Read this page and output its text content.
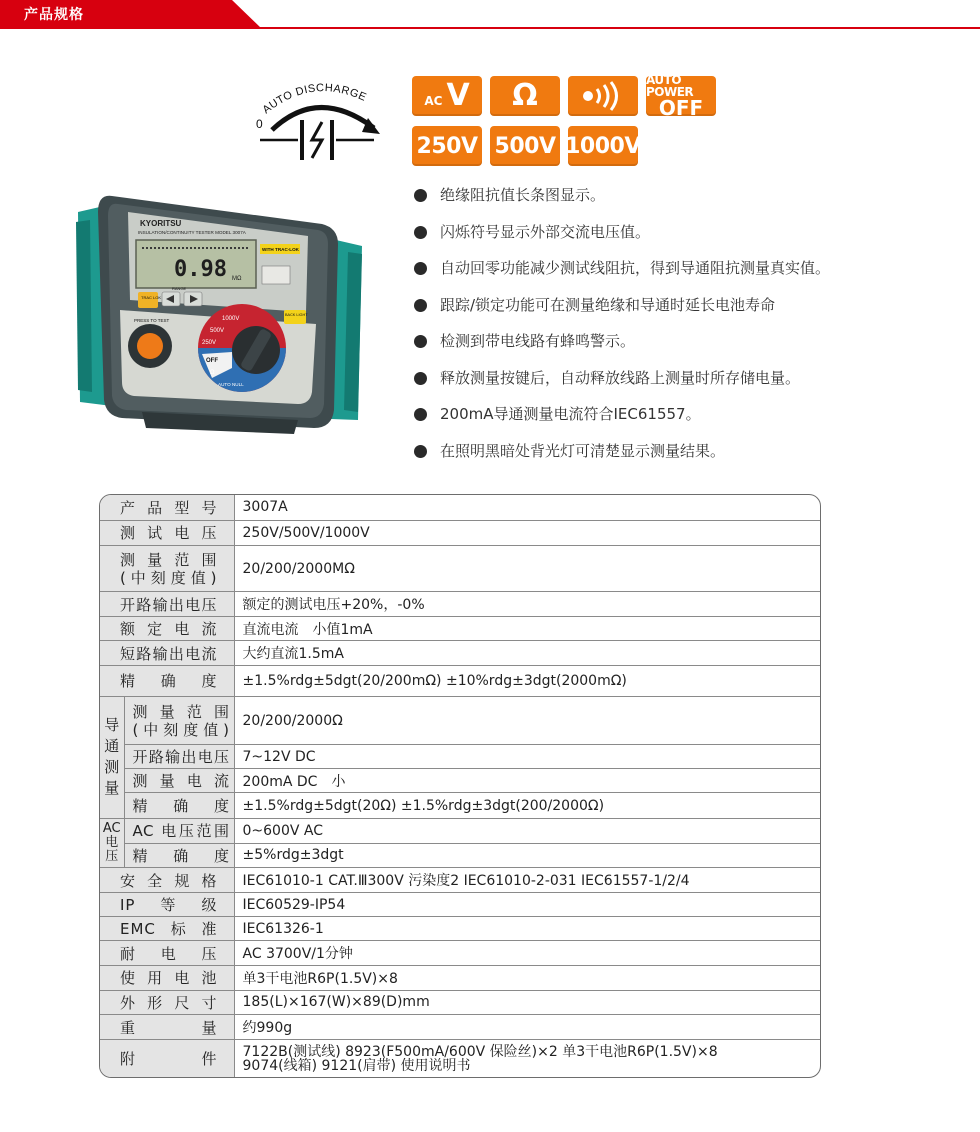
产品规格
AUTO DISCHARGE
0
AC V Ω	AUTO POWER
OFF
250V 500V 1000V
KYORITSU
INSULATION/CONTINUITY TESTER MODEL 3007A
0.98 MΩ
WITH TRAC-LOK
TRAC LOK
RANGE
PRESS TO TEST	1000V
500V
250V
OFF
Ω
AUTO NULL
BACK LIGHT
绝缘阻抗值长条图显示。
闪烁符号显示外部交流电压值。
自动回零功能减少测试线阻抗，得到导通阻抗测量真实值。
跟踪/锁定功能可在测量绝缘和导通时延长电池寿命
检测到带电线路有蜂鸣警示。
释放测量按键后，自动释放线路上测量时所存储电量。
200mA导通测量电流符合IEC61557。
在照明黑暗处背光灯可清楚显示测量结果。
产品型号		3007A
测试电压		250V/500V/1000V

测量范围
(中刻度值)		20/200/2000MΩ
开路输出电压		额定的测试电压+20%，-0%
额定电流		直流电流　小值1mA
短路输出电流		大约直流1.5mA
精确度		±1.5%rdg±5dgt(20/200mΩ) ±10%rdg±3dgt(2000mΩ)

导
通
测
量	测量范围
(中刻度值)	20/200/2000Ω
	开路输出电压	7~12V DC
	测量电流	200mA DC　小
	精确度	±1.5%rdg±5dgt(20Ω) ±1.5%rdg±3dgt(200/2000Ω)

AC
电
压	AC 电压范围	0~600V AC
	精确度	±5%rdg±3dgt
安全规格		IEC61010-1 CAT.Ⅲ300V 污染度2 IEC61010-2-031 IEC61557-1/2/4
IP等级		IEC60529-IP54
EMC标准		IEC61326-1
耐电压		AC 3700V/1分钟
使用电池		单3干电池R6P(1.5V)×8
外形尺寸		185(L)×167(W)×89(D)mm
重量		约990g
附件		7122B(测试线) 8923(F500mA/600V 保险丝)×2 单3干电池R6P(1.5V)×8
9074(线箱) 9121(肩带) 使用说明书
